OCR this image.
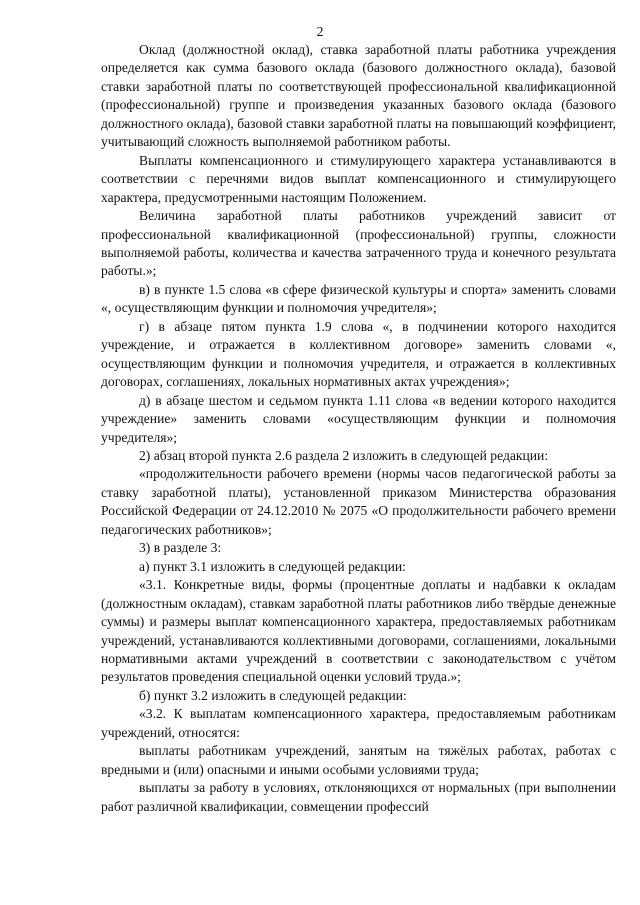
2

Оклад (должностной оклад), ставка заработной платы работника учреждения определяется как сумма базового оклада (базового должностного оклада), базовой ставки заработной платы по соответствующей профессиональной квалификационной (профессиональной) группе и произведения указанных базового оклада (базового должностного оклада), базовой ставки заработной платы на повышающий коэффициент, учитывающий сложность выполняемой работником работы.

Выплаты компенсационного и стимулирующего характера устанавливаются в соответствии с перечнями видов выплат компенсационного и стимулирующего характера, предусмотренными настоящим Положением.

Величина заработной платы работников учреждений зависит от профессиональной квалификационной (профессиональной) группы, сложности выполняемой работы, количества и качества затраченного труда и конечного результата работы.»;

в) в пункте 1.5 слова «в сфере физической культуры и спорта» заменить словами «, осуществляющим функции и полномочия учредителя»;

г) в абзаце пятом пункта 1.9 слова «, в подчинении которого находится учреждение, и отражается в коллективном договоре» заменить словами «, осуществляющим функции и полномочия учредителя, и отражается в коллективных договорах, соглашениях, локальных нормативных актах учреждения»;

д) в абзаце шестом и седьмом пункта 1.11 слова «в ведении которого находится учреждение» заменить словами «осуществляющим функции и полномочия учредителя»;

2) абзац второй пункта 2.6 раздела 2 изложить в следующей редакции:

«продолжительности рабочего времени (нормы часов педагогической работы за ставку заработной платы), установленной приказом Министерства образования Российской Федерации от 24.12.2010 № 2075 «О продолжительности рабочего времени педагогических работников»;

3) в разделе 3:

а) пункт 3.1 изложить в следующей редакции:

«3.1. Конкретные виды, формы (процентные доплаты и надбавки к окладам (должностным окладам), ставкам заработной платы работников либо твёрдые денежные суммы) и размеры выплат компенсационного характера, предоставляемых работникам учреждений, устанавливаются коллективными договорами, соглашениями, локальными нормативными актами учреждений в соответствии с законодательством с учётом результатов проведения специальной оценки условий труда.»;

б) пункт 3.2 изложить в следующей редакции:

«3.2. К выплатам компенсационного характера, предоставляемым работникам учреждений, относятся:

выплаты работникам учреждений, занятым на тяжёлых работах, работах с вредными и (или) опасными и иными особыми условиями труда;

выплаты за работу в условиях, отклоняющихся от нормальных (при выполнении работ различной квалификации, совмещении профессий
